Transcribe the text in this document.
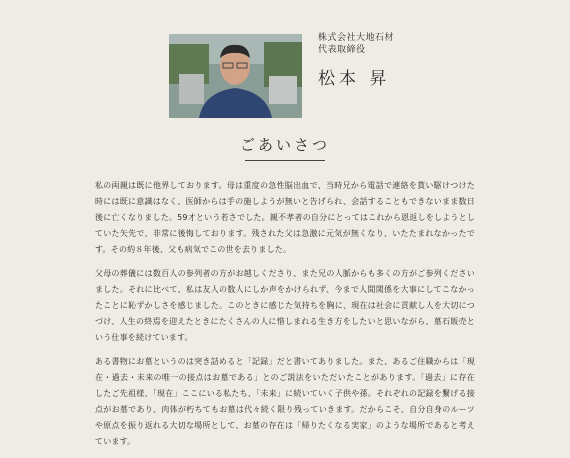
株式会社大地石材
代表取締役
松本 昇
ごあいさつ

私の両親は既に他界しております。母は重度の急性脳出血で、当時兄から電話で連絡を貰い駆けつけた時には既に意識はなく、医師からは手の施しようが無いと告げられ、会話することもできないまま数日後に亡くなりました。59才という若さでした。親不孝者の自分にとってはこれから恩返しをしようとしていた矢先で、非常に後悔しております。残された父は急激に元気が無くなり、いたたまれなかったです。その約８年後、父も病気でこの世を去りました。

父母の葬儀には数百人の参列者の方がお越しくださり、また兄の人脈からも多くの方がご参列くださいました。それに比べて、私は友人の数人にしか声をかけられず、今まで人間関係を大事にしてこなかったことに恥ずかしさを感じました。このときに感じた気持ちを胸に、現在は社会に貢献し人を大切につづけ、人生の終焉を迎えたときにたくさんの人に惜しまれる生き方をしたいと思いながら、墓石販売という仕事を続けています。

ある書物にお墓というのは突き詰めると「記録」だと書いてありました。また、あるご住職からは「現在・過去・未来の唯一の接点はお墓である」とのご説法をいただいたことがあります。「過去」に存在したご先祖様、「現在」ここにいる私たち、「未来」に続いていく子供や孫。それぞれの記録を繋げる接点がお墓であり、肉体が朽ちてもお墓は代々続く限り残っていきます。だからこそ、自分自身のルーツや原点を振り返れる大切な場所として、お墓の存在は「帰りたくなる実家」のような場所であると考えています。
